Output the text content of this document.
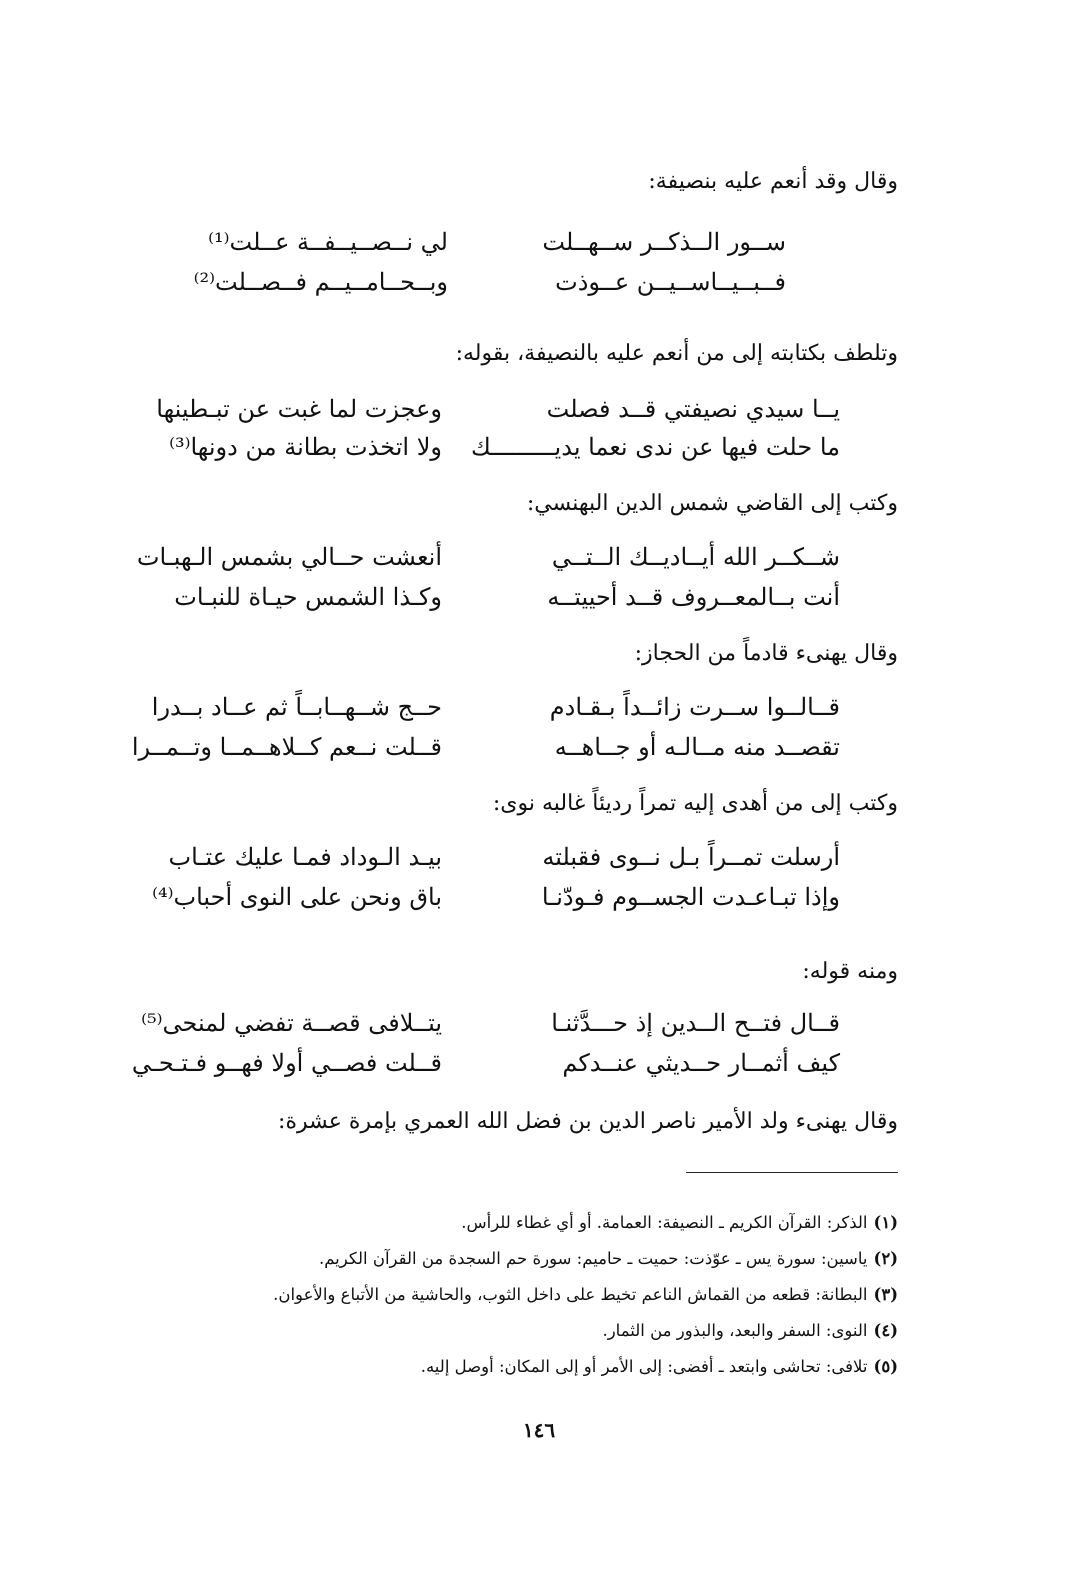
وقال وقد أنعم عليه بنصيفة:
ســور الــذكــر ســهــلت
لي نــصــيــفــة عــلت⁽¹⁾
فــبــيــاســيــن عــوذت
وبــحــامــيــم فــصــلت⁽²⁾
وتلطف بكتابته إلى من أنعم عليه بالنصيفة، بقوله:
يــا سيدي نصيفتي قــد فصلت
وعجزت لما غبت عن تبـطينها
ما حلت فيها عن ندى نعما يديـــــــــك
ولا اتخذت بطانة من دونها⁽³⁾
وكتب إلى القاضي شمس الدين البهنسي:
شــكــر الله أيــاديــك الــتــي
أنعشت حــالي بشمس الـهبـات
أنت بــالمعــروف قــد أحييتــه
وكـذا الشمس حيـاة للنبـات
وقال يهنىء قادماً من الحجاز:
قــالــوا ســرت زائــداً بـقـادم
حــج شــهــابــاً ثم عــاد بــدرا
تقصــد منه مــالـه أو جــاهــه
قــلت نــعم كــلاهــمــا وتــمــرا
وكتب إلى من أهدى إليه تمراً رديئاً غالبه نوى:
أرسلت تمــراً بـل نــوى فقبلته
بيـد الـوداد فمـا عليك عتـاب
وإذا تبـاعـدت الجســوم فـودّنـا
باق ونحن على النوى أحباب⁽⁴⁾
ومنه قوله:
قــال فتــح الــدين إذ حـــدَّثنـا
يتــلافى قصــة تفضي لمنحى⁽⁵⁾
كيف أثمــار حــديثي عنــدكم
قــلت فصــي أولا فهــو فـتـحـي
وقال يهنىء ولد الأمير ناصر الدين بن فضل الله العمري بإمرة عشرة:
(١)الذكر: القرآن الكريم ـ النصيفة: العمامة. أو أي غطاء للرأس.
(٢)ياسين: سورة يس ـ عوّذت: حميت ـ حاميم: سورة حم السجدة من القرآن الكريم.
(٣)البطانة: قطعه من القماش الناعم تخيط على داخل الثوب، والحاشية من الأتباع والأعوان.
(٤)النوى: السفر والبعد، والبذور من الثمار.
(٥)تلافى: تحاشى وابتعد ـ أفضى: إلى الأمر أو إلى المكان: أوصل إليه.
١٤٦
